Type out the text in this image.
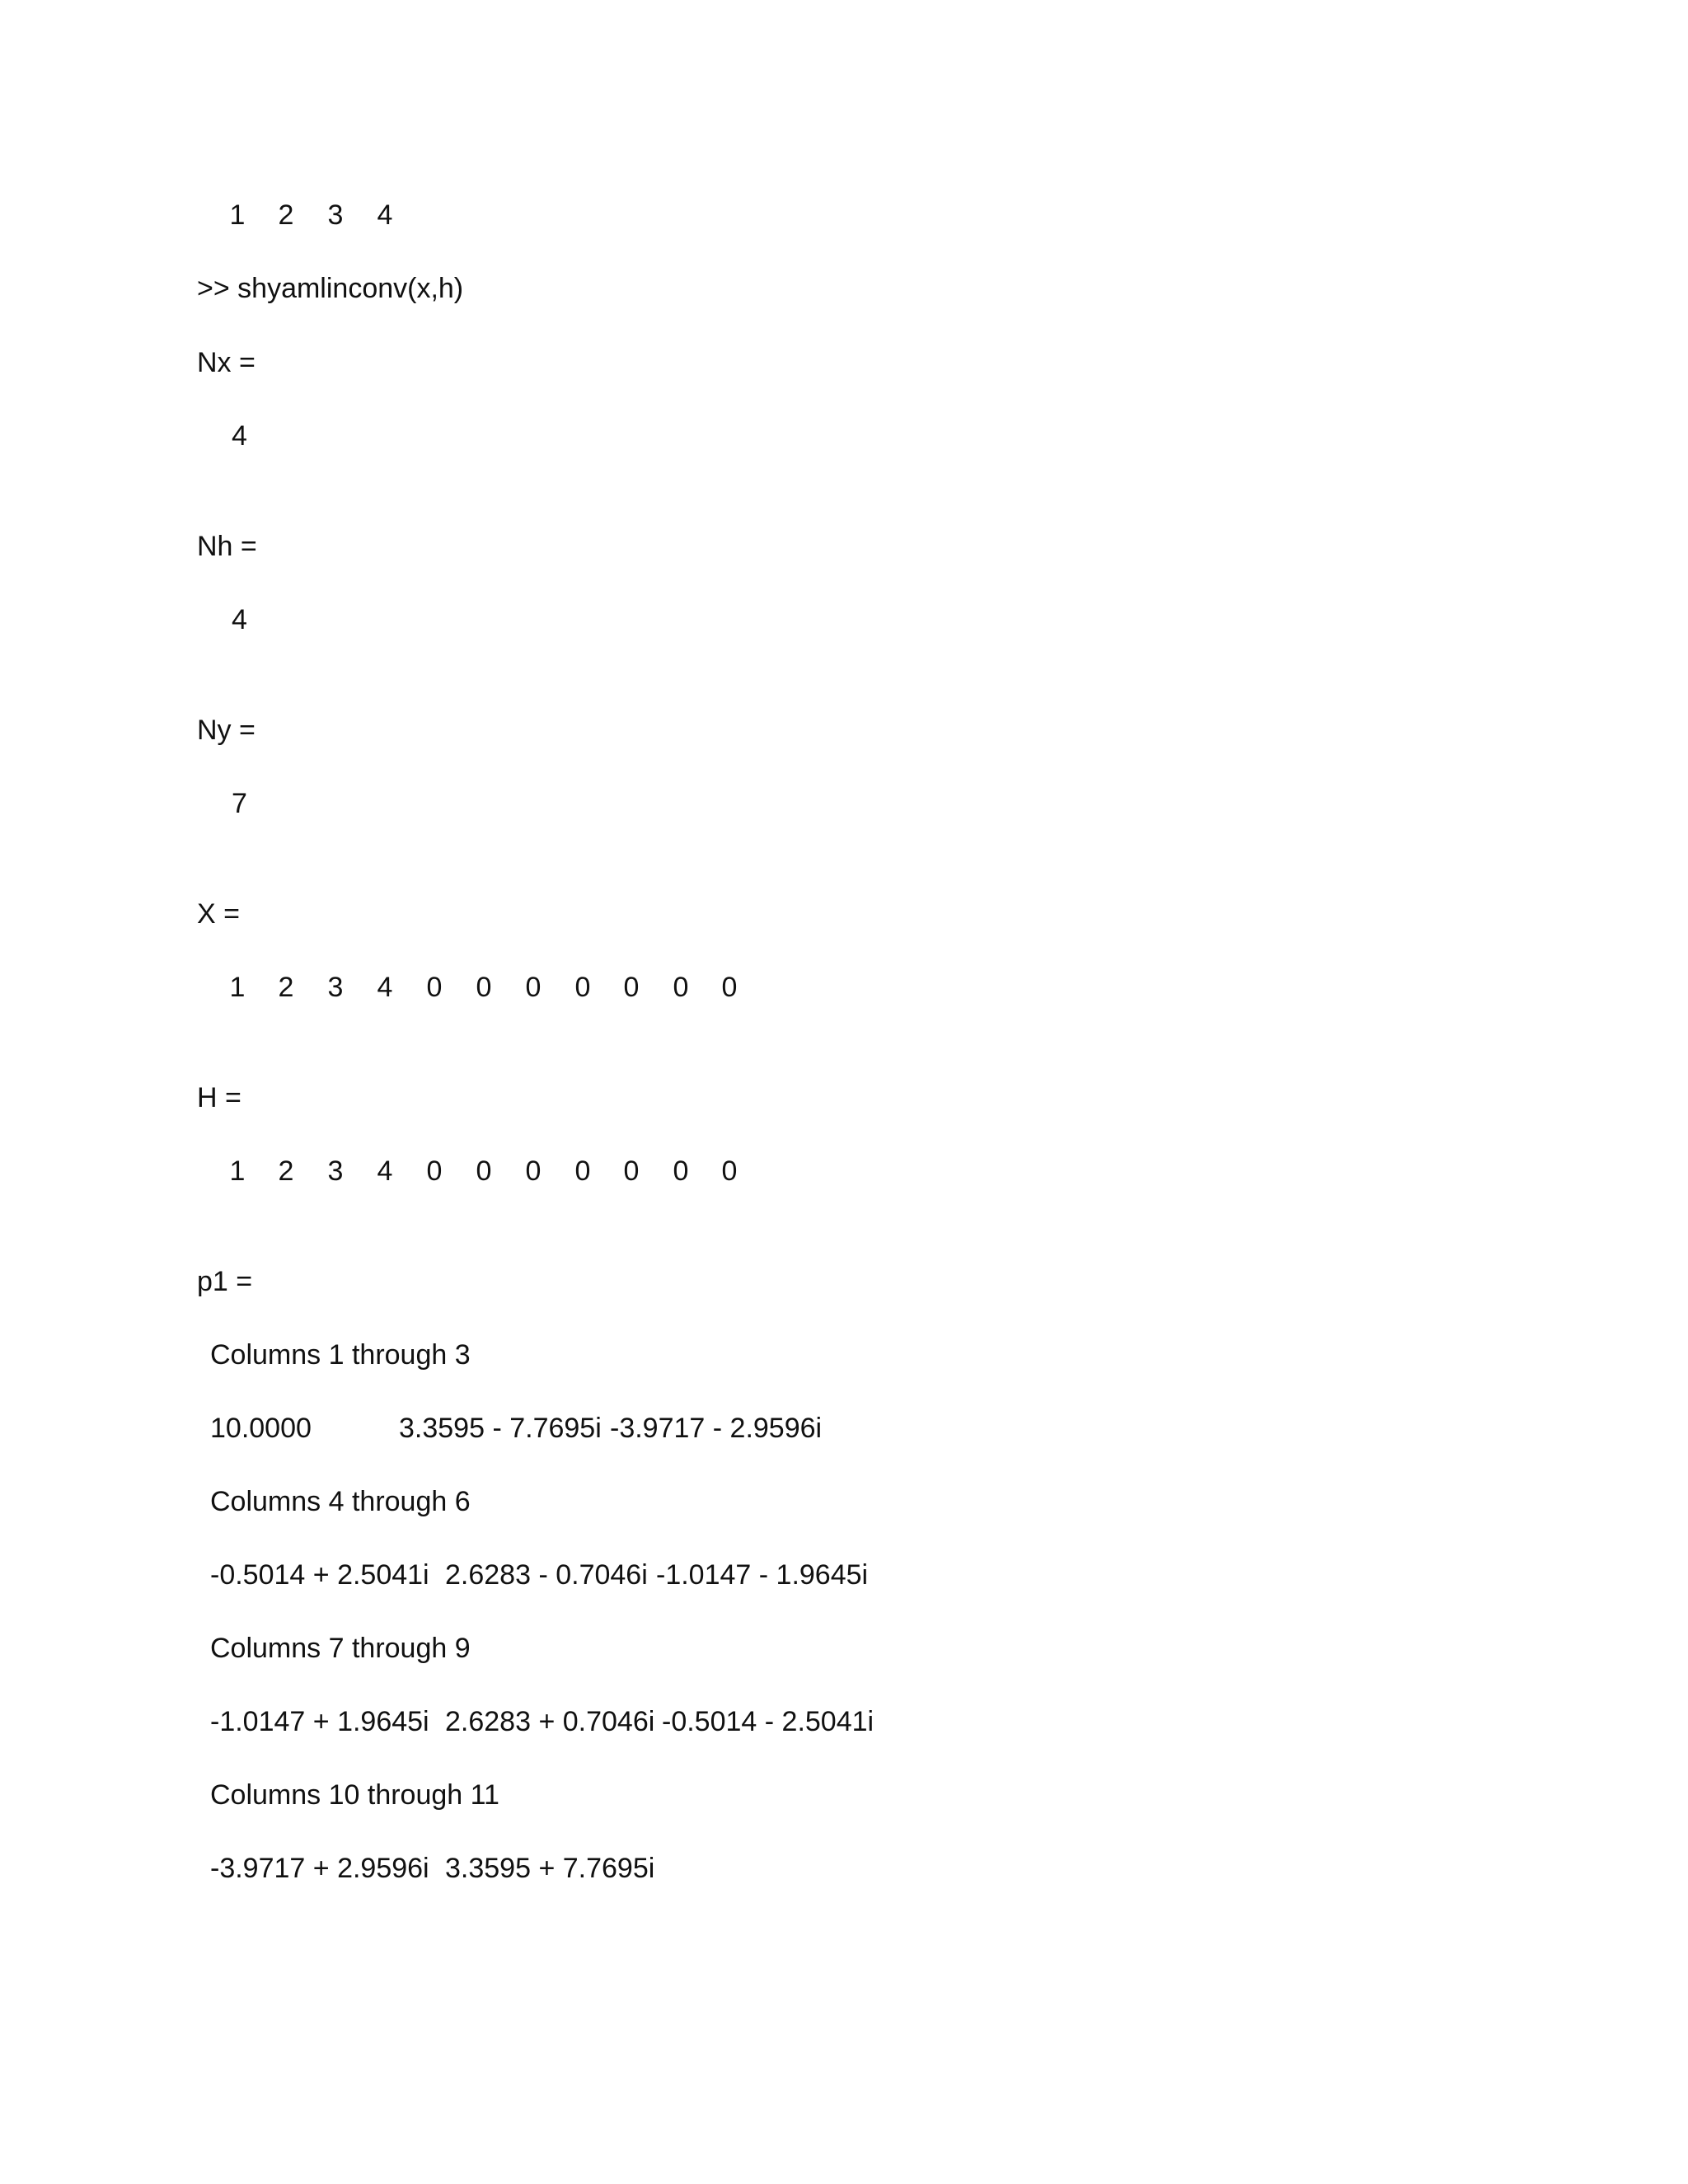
1	2	3	4
>> shyamlinconv(x,h)
Nx =
4
Nh =
4
Ny =
7
X =
1	2	3	4	0	0	0	0	0	0	0
H =
1	2	3	4	0	0	0	0	0	0	0
p1 =
Columns 1 through 3
10.0000	3.3595 - 7.7695i -3.9717 - 2.9596i
Columns 4 through 6
-0.5014 + 2.5041i 2.6283 - 0.7046i -1.0147 - 1.9645i
Columns 7 through 9
-1.0147 + 1.9645i 2.6283 + 0.7046i -0.5014 - 2.5041i
Columns 10 through 11
-3.9717 + 2.9596i 3.3595 + 7.7695i
